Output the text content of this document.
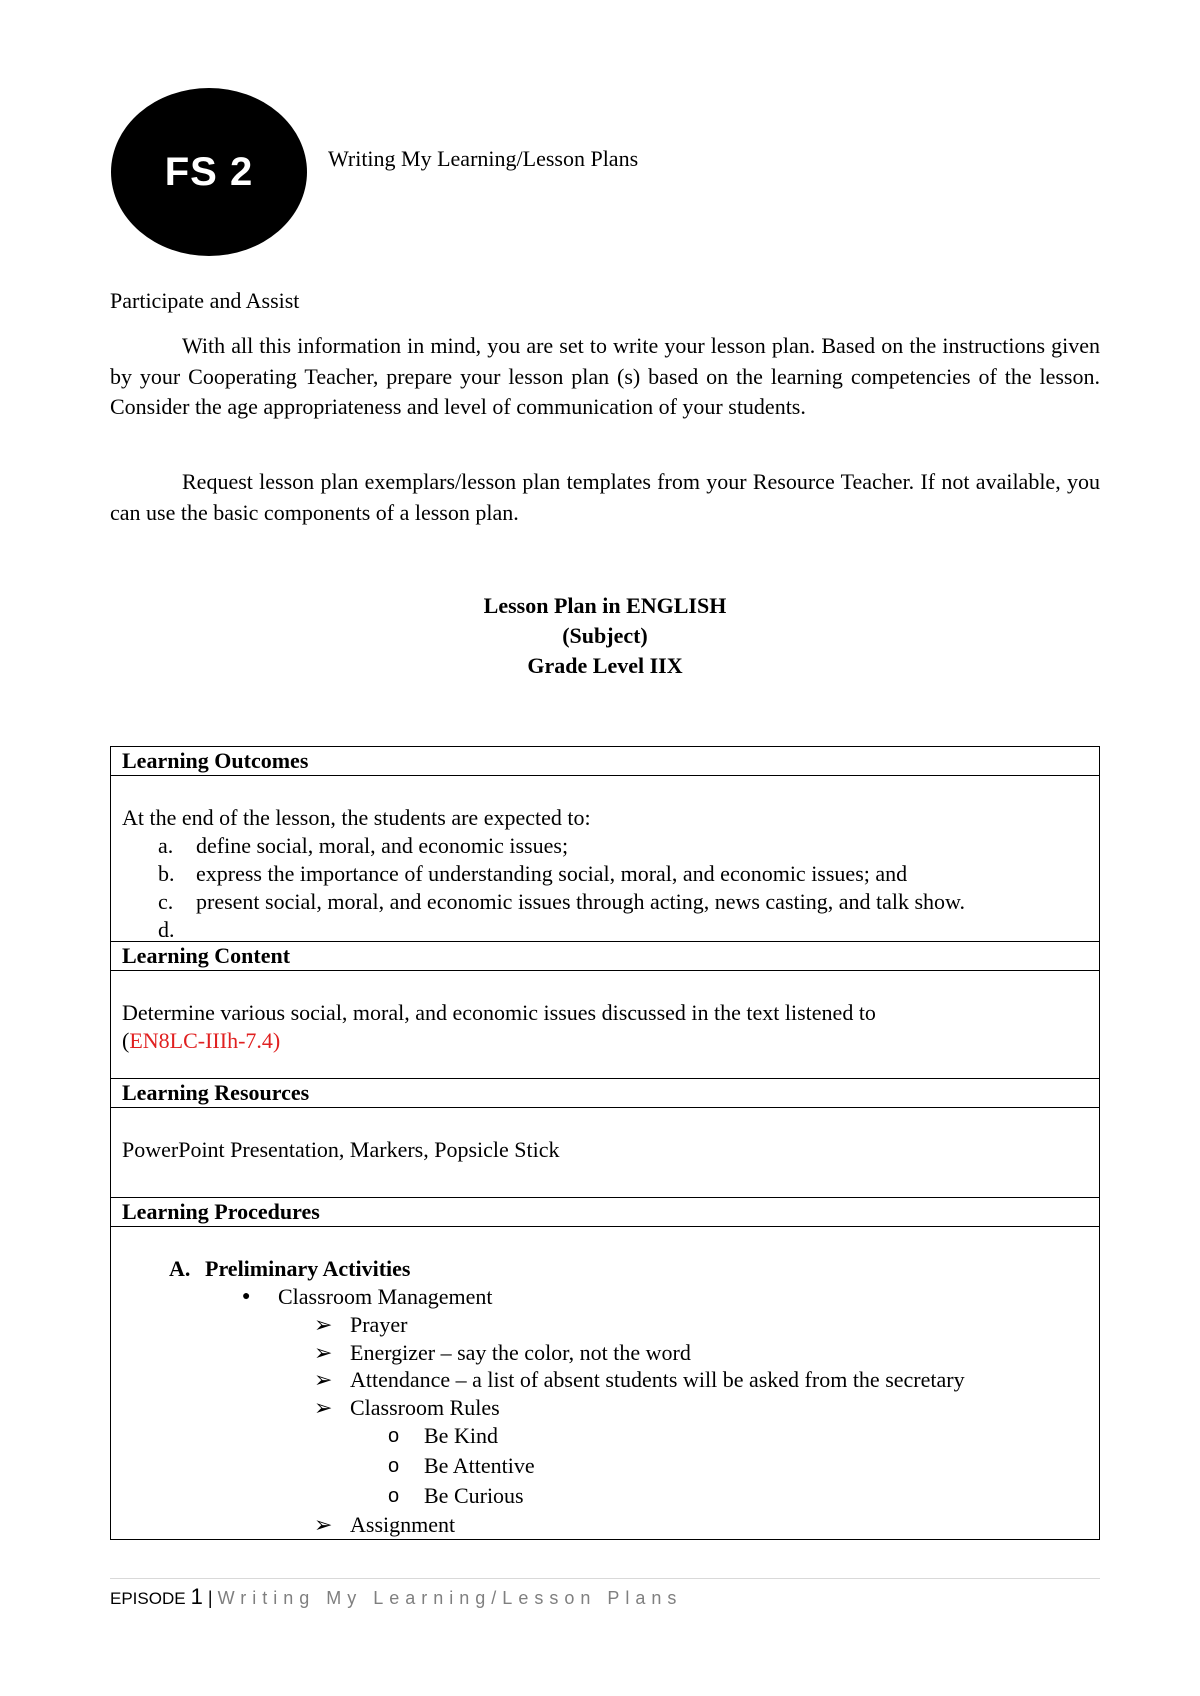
FS 2	Writing My Learning/Lesson Plans
Participate and Assist

With all this information in mind, you are set to write your lesson plan. Based on the instructions given by your Cooperating Teacher, prepare your lesson plan (s) based on the learning competencies of the lesson. Consider the age appropriateness and level of communication of your students.

Request lesson plan exemplars/lesson plan templates from your Resource Teacher. If not available, you can use the basic components of a lesson plan.

Lesson Plan in ENGLISH
(Subject)
Grade Level IIX
Learning Outcomes
At the end of the lesson, the students are expected to:
a.	define social, moral, and economic issues;
b. express the importance of understanding social, moral, and economic issues; and
c.	present social, moral, and economic issues through acting, news casting, and talk show.
d.
Learning Content
Determine various social, moral, and economic issues discussed in the text listened to
(EN8LC-IIIh-7.4)
Learning Resources
PowerPoint Presentation, Markers, Popsicle Stick
Learning Procedures
A. Preliminary Activities
●	Classroom Management
➢ Prayer
➢ Energizer – say the color, not the word
➢ Attendance – a list of absent students will be asked from the secretary
➢ Classroom Rules
o	Be Kind
o	Be Attentive
o	Be Curious
➢ Assignment
EPISODE 1 | Writing My Learning/Lesson Plans
